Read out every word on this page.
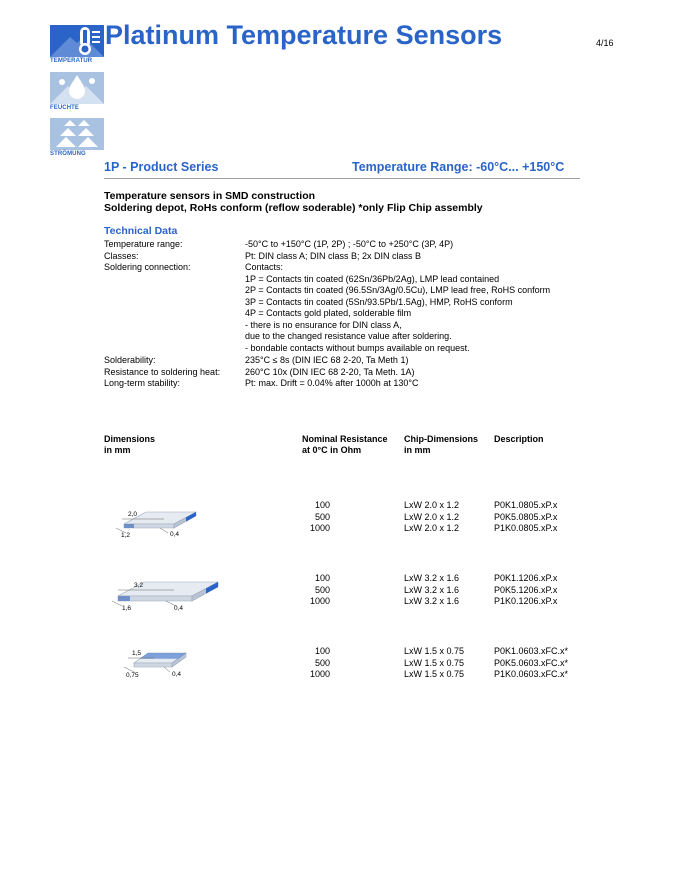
TEMPERATUR
FEUCHTE
STRÖMUNG
Platinum Temperature Sensors	4/16
1P - Product Series	Temperature Range: -60°C... +150°C
Temperature sensors in SMD construction
Soldering depot, RoHs conform (reflow soderable) *only Flip Chip assembly
Technical Data
Temperature range:	-50°C to +150°C (1P, 2P) ; -50°C to +250°C (3P, 4P)
Classes:	Pt: DIN class A; DIN class B; 2x DIN class B
Soldering connection:	Contacts:
1P = Contacts tin coated (62Sn/36Pb/2Ag), LMP lead contained
2P = Contacts tin coated (96.5Sn/3Ag/0.5Cu), LMP lead free, RoHS conform
3P = Contacts tin coated (5Sn/93.5Pb/1.5Ag), HMP, RoHS conform
4P = Contacts gold plated, solderable film
- there is no ensurance for DIN class A,
due to the changed resistance value after soldering.
- bondable contacts without bumps available on request.
Solderability:	235°C ≤ 8s (DIN IEC 68 2-20, Ta Meth 1)
Resistance to soldering heat:	260°C 10x (DIN IEC 68 2-20, Ta Meth. 1A)
Long-term stability:	Pt: max. Drift = 0.04% after 1000h at 130°C
Dimensions
in mm
Nominal Resistance
at 0°C in Ohm
Chip-Dimensions
in mm
Description
2,0
1,2	0,4
3,2
1,6	0,4
1,5
0,75	0,4
100	LxW 2.0 x 1.2	P0K1.0805.xP.x
500	LxW 2.0 x 1.2	P0K5.0805.xP.x
1000	LxW 2.0 x 1.2	P1K0.0805.xP.x
100	LxW 3.2 x 1.6	P0K1.1206.xP.x
500	LxW 3.2 x 1.6	P0K5.1206.xP.x
1000	LxW 3.2 x 1.6	P1K0.1206.xP.x
100	LxW 1.5 x 0.75	P0K1.0603.xFC.x*
500	LxW 1.5 x 0.75	P0K5.0603.xFC.x*
1000	LxW 1.5 x 0.75	P1K0.0603.xFC.x*
